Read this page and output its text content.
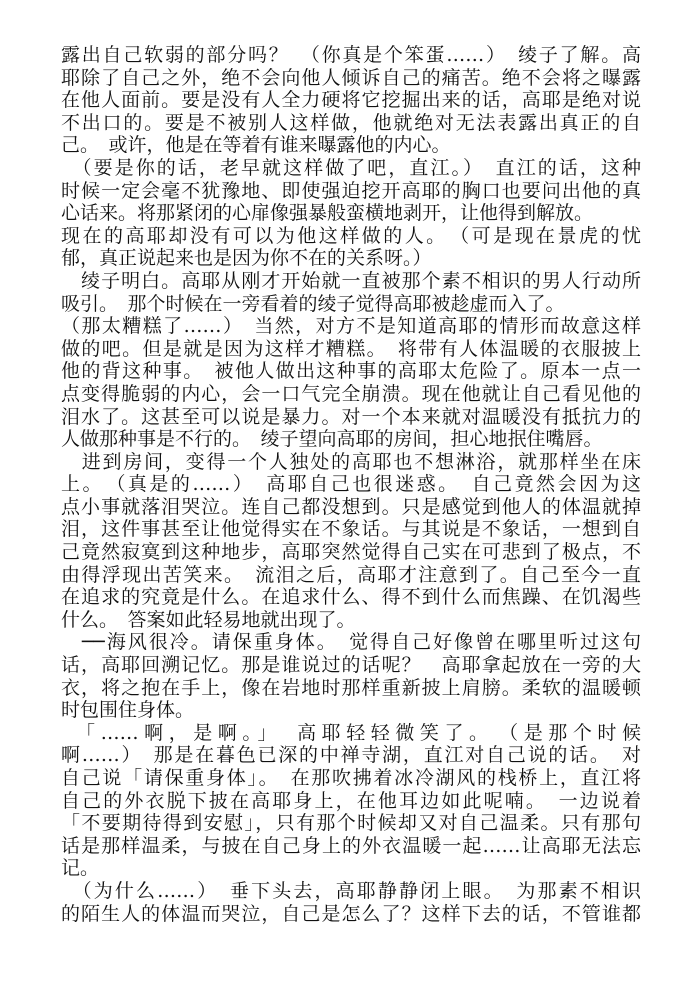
露出自己软弱的部分吗？　（你真是个笨蛋……）　绫子了解。高
耶除了自己之外，绝不会向他人倾诉自己的痛苦。绝不会将之曝露
在他人面前。要是没有人全力硬将它挖掘出来的话，高耶是绝对说
不出口的。要是不被别人这样做，他就绝对无法表露出真正的自
己。　或许，他是在等着有谁来曝露他的内心。
　（要是你的话，老早就这样做了吧，直江。）　直江的话，这种
时候一定会毫不犹豫地、即使强迫挖开高耶的胸口也要问出他的真
心话来。将那紧闭的心扉像强暴般蛮横地剥开，让他得到解放。
现在的高耶却没有可以为他这样做的人。　（可是现在景虎的忧
郁，真正说起来也是因为你不在的关系呀。）
　绫子明白。高耶从刚才开始就一直被那个素不相识的男人行动所
吸引。　那个时候在一旁看着的绫子觉得高耶被趁虚而入了。
（那太糟糕了……）　当然，对方不是知道高耶的情形而故意这样
做的吧。但是就是因为这样才糟糕。　将带有人体温暖的衣服披上
他的背这种事。　被他人做出这种事的高耶太危险了。原本一点一
点变得脆弱的内心，会一口气完全崩溃。现在他就让自己看见他的
泪水了。这甚至可以说是暴力。对一个本来就对温暖没有抵抗力的
人做那种事是不行的。　绫子望向高耶的房间，担心地抿住嘴唇。
　进到房间，变得一个人独处的高耶也不想淋浴，就那样坐在床
上。　（真是的……）　高耶自己也很迷惑。　自己竟然会因为这
点小事就落泪哭泣。连自己都没想到。只是感觉到他人的体温就掉
泪，这件事甚至让他觉得实在不象话。与其说是不象话，一想到自
己竟然寂寞到这种地步，高耶突然觉得自己实在可悲到了极点，不
由得浮现出苦笑来。　流泪之后，高耶才注意到了。自己至今一直
在追求的究竟是什么。在追求什么、得不到什么而焦躁、在饥渴些
什么。　答案如此轻易地就出现了。
　──海风很冷。请保重身体。　觉得自己好像曾在哪里听过这句
话，高耶回溯记忆。那是谁说过的话呢？　高耶拿起放在一旁的大
衣，将之抱在手上，像在岩地时那样重新披上肩膀。柔软的温暖顿
时包围住身体。
　「……啊，是啊。」　高耶轻轻微笑了。　（是那个时候
啊……）　那是在暮色已深的中禅寺湖，直江对自己说的话。　对
自己说「请保重身体」。　在那吹拂着冰冷湖风的栈桥上，直江将
自己的外衣脱下披在高耶身上，在他耳边如此呢喃。　一边说着
「不要期待得到安慰」，只有那个时候却又对自己温柔。只有那句
话是那样温柔，与披在自己身上的外衣温暖一起……让高耶无法忘
记。
　（为什么……）　垂下头去，高耶静静闭上眼。　为那素不相识
的陌生人的体温而哭泣，自己是怎么了？这样下去的话，不管谁都
